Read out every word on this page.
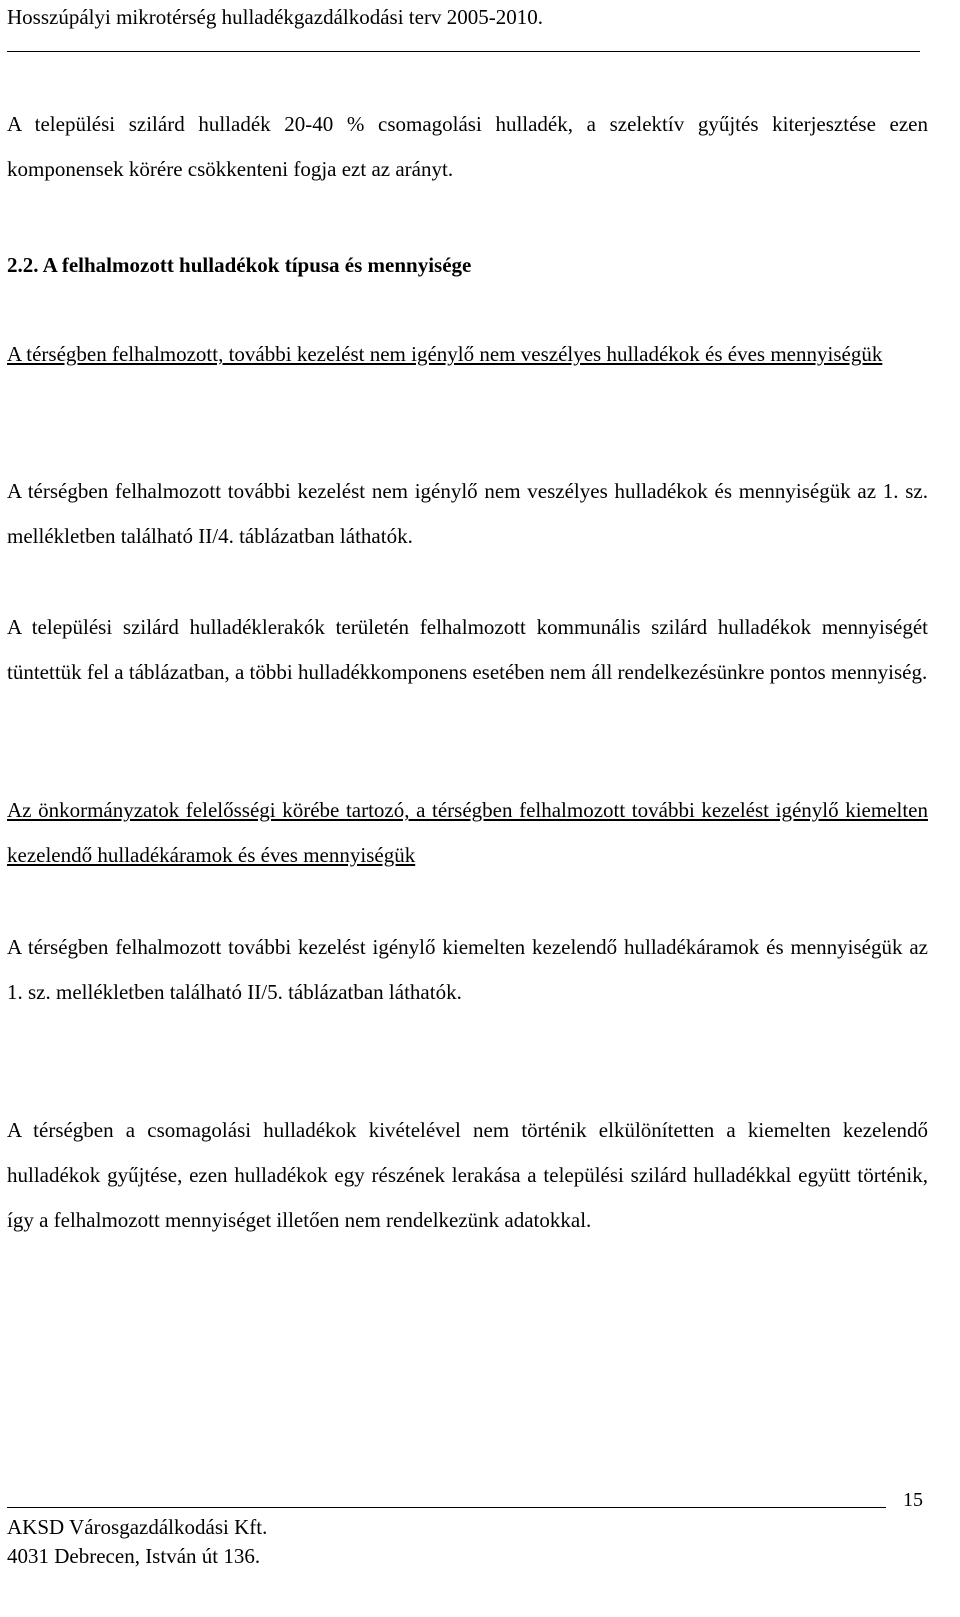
Hosszúpályi mikrotérség hulladékgazdálkodási terv 2005-2010.
A települési szilárd hulladék 20-40 % csomagolási hulladék, a szelektív gyűjtés kiterjesztése ezen komponensek körére csökkenteni fogja ezt az arányt.
2.2. A felhalmozott hulladékok típusa és mennyisége
A térségben felhalmozott, további kezelést nem igénylő nem veszélyes hulladékok és éves mennyiségük
A térségben felhalmozott további kezelést nem igénylő nem veszélyes hulladékok és mennyiségük az 1. sz. mellékletben található II/4. táblázatban láthatók.
A települési szilárd hulladéklerakók területén felhalmozott kommunális szilárd hulladékok mennyiségét tüntettük fel a táblázatban, a többi hulladékkomponens esetében nem áll rendelkezésünkre pontos mennyiség.
Az önkormányzatok felelősségi körébe tartozó, a térségben felhalmozott további kezelést igénylő kiemelten kezelendő hulladékáramok és éves mennyiségük
A térségben felhalmozott további kezelést igénylő kiemelten kezelendő hulladékáramok és mennyiségük az 1. sz. mellékletben található II/5. táblázatban láthatók.
A térségben a csomagolási hulladékok kivételével nem történik elkülönítetten a kiemelten kezelendő hulladékok gyűjtése, ezen hulladékok egy részének lerakása a települési szilárd hulladékkal együtt történik, így a felhalmozott mennyiséget illetően nem rendelkezünk adatokkal.
15
AKSD Városgazdálkodási Kft.
4031 Debrecen, István út 136.
